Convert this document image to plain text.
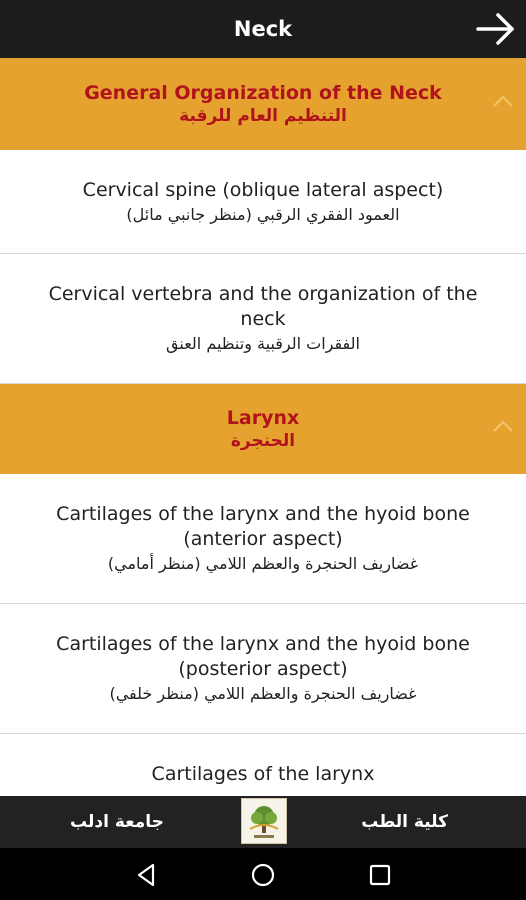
Neck
General Organization of the Neck
التنظيم العام للرقبة
Cervical spine (oblique lateral aspect)
العمود الفقري الرقبي (منظر جانبي مائل)
Cervical vertebra and the organization of the neck
الفقرات الرقبية وتنظيم العنق
Larynx
الحنجرة
Cartilages of the larynx and the hyoid bone (anterior aspect)
غضاريف الحنجرة والعظم اللامي (منظر أمامي)
Cartilages of the larynx and the hyoid bone (posterior aspect)
غضاريف الحنجرة والعظم اللامي (منظر خلفي)
Cartilages of the larynx
جامعة ادلب	كلية الطب
